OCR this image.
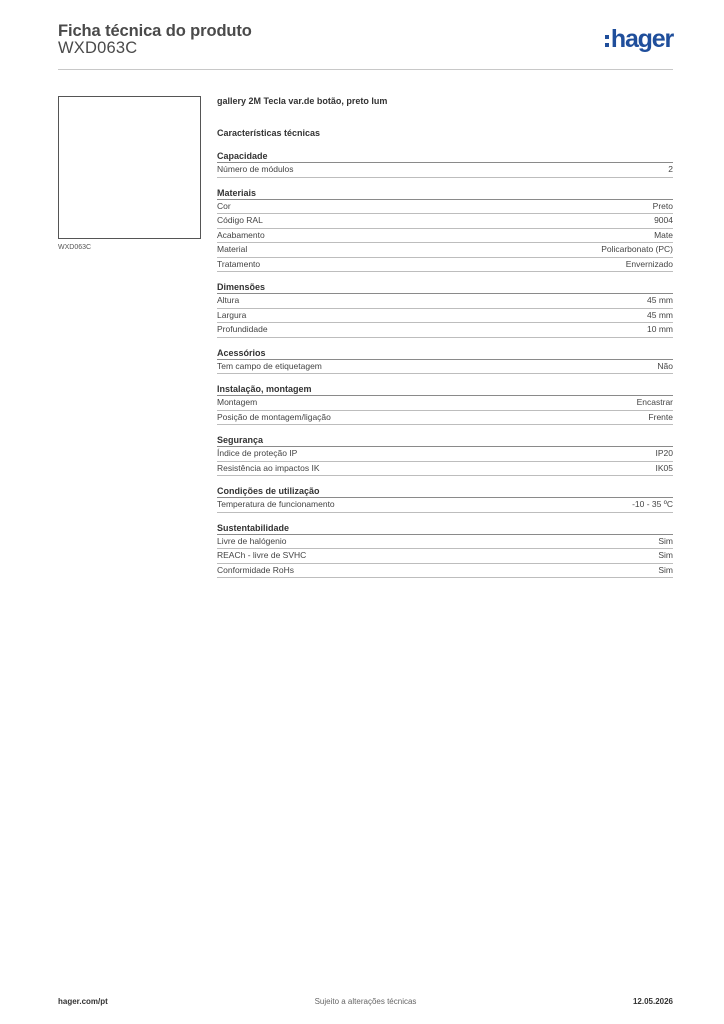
Ficha técnica do produto
WXD063C	hager
WXD063C
gallery 2M Tecla var.de botão, preto lum
Características técnicas
Capacidade
Número de módulos	2
Materiais
Cor	Preto
Código RAL	9004
Acabamento	Mate
Material	Policarbonato (PC)
Tratamento	Envernizado
Dimensões
Altura	45 mm
Largura	45 mm
Profundidade	10 mm
Acessórios
Tem campo de etiquetagem	Não
Instalação, montagem
Montagem	Encastrar
Posição de montagem/ligação	Frente
Segurança
Índice de proteção IP	IP20
Resistência ao impactos IK	IK05
Condições de utilização
Temperatura de funcionamento	-10 - 35 ºC
Sustentabilidade
Livre de halógenio	Sim
REACh - livre de SVHC	Sim
Conformidade RoHs	Sim
hager.com/pt	Sujeito a alterações técnicas	12.05.2026
